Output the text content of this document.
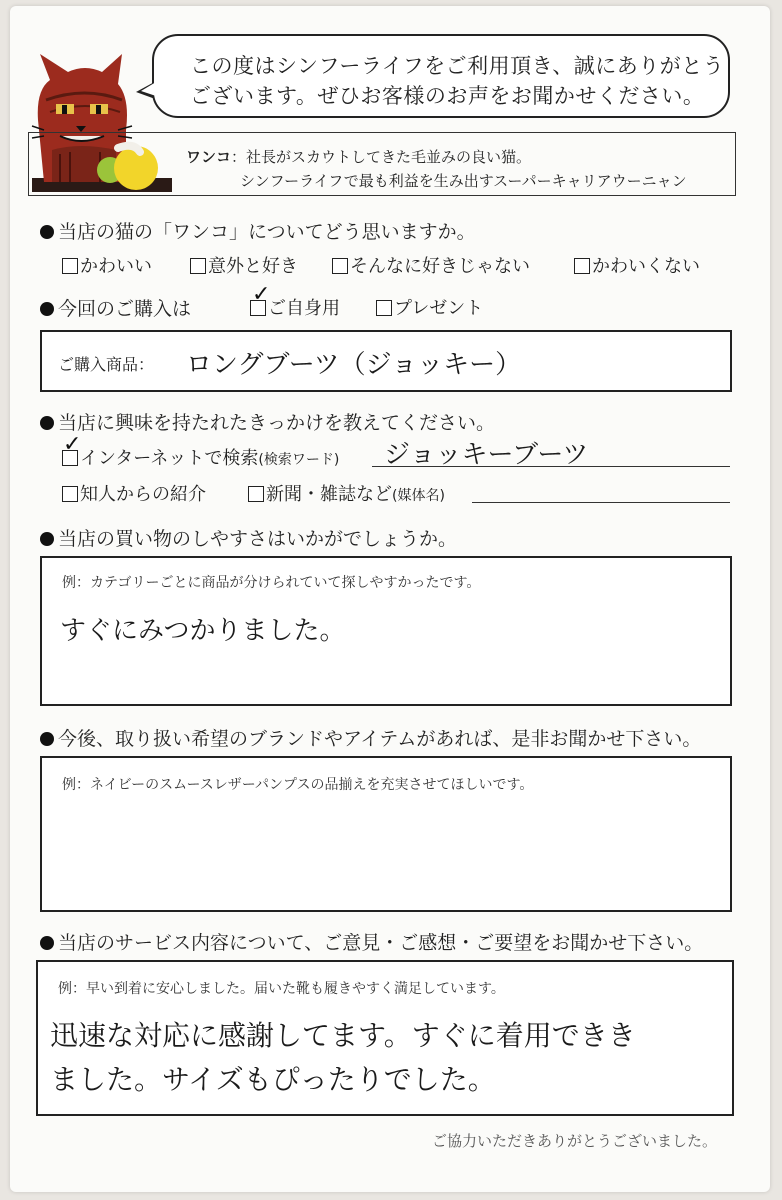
この度はシンフーライフをご利用頂き、誠にありがとう
ございます。ぜひお客様のお声をお聞かせください。
ワンコ：社長がスカウトしてきた毛並みの良い猫。
シンフーライフで最も利益を生み出すスーパーキャリアウーニャン
当店の猫の「ワンコ」についてどう思いますか。
かわいい	意外と好き	そんなに好きじゃない	かわいくない
今回のご購入は	ご自身用
✓
プレゼント
ご購入商品： ロングブーツ（ジョッキー）
当店に興味を持たれたきっかけを教えてください。
インターネットで検索(検索ワード)
✓	ジョッキーブーツ
知人からの紹介	新聞・雑誌など(媒体名)
当店の買い物のしやすさはいかがでしょうか。
例：カテゴリーごとに商品が分けられていて探しやすかったです。
すぐにみつかりました。
今後、取り扱い希望のブランドやアイテムがあれば、是非お聞かせ下さい。
例：ネイビーのスムースレザーパンプスの品揃えを充実させてほしいです。
当店のサービス内容について、ご意見・ご感想・ご要望をお聞かせ下さい。
例：早い到着に安心しました。届いた靴も履きやすく満足しています。
迅速な対応に感謝してます。すぐに着用できき
ました。サイズもぴったりでした。
ご協力いただきありがとうございました。
